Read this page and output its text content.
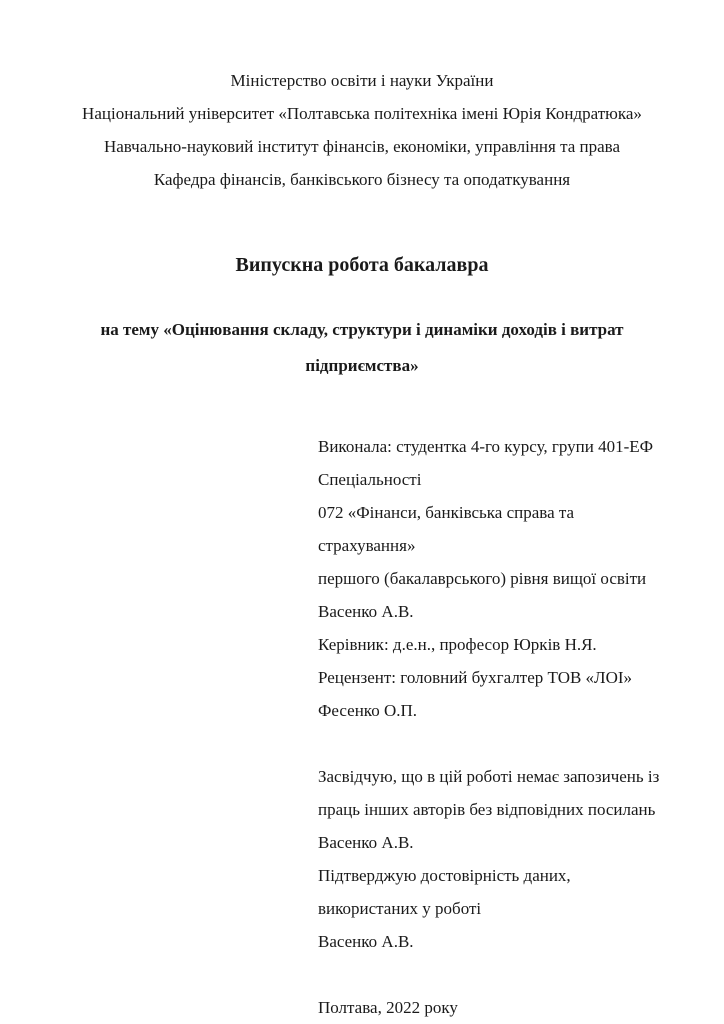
Міністерство освіти і науки України
Національний університет «Полтавська політехніка імені Юрія Кондратюка»
Навчально-науковий інститут фінансів, економіки, управління та права
Кафедра фінансів, банківського бізнесу та оподаткування
Випускна робота бакалавра
на тему «Оцінювання складу, структури і динаміки доходів і витрат
підприємства»
Виконала: студентка 4-го курсу, групи 401-ЕФ
Спеціальності
072 «Фінанси, банківська справа та страхування»
першого (бакалаврського) рівня вищої освіти
Васенко А.В.
Керівник: д.е.н., професор Юрків Н.Я.
Рецензент: головний бухгалтер ТОВ «ЛОІ»
Фесенко О.П.
Засвідчую, що в цій роботі немає запозичень із
праць інших авторів без відповідних посилань
Васенко А.В.
Підтверджую достовірність даних,
використаних у роботі
Васенко А.В.
Полтава, 2022 року
